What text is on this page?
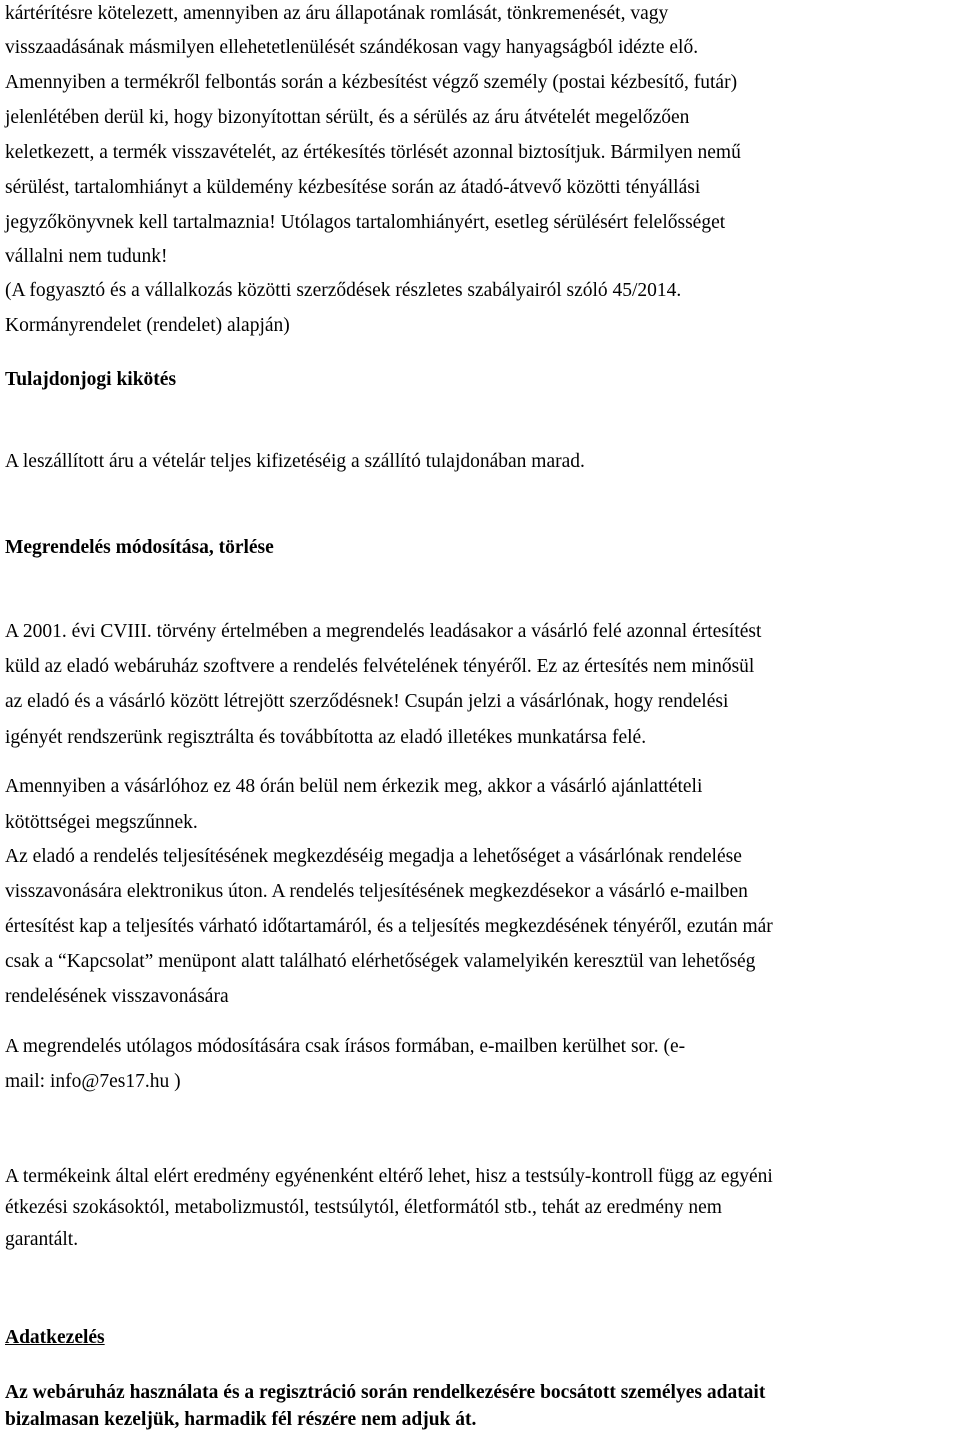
kártérítésre kötelezett, amennyiben az áru állapotának romlását, tönkremenését, vagy
visszaadásának másmilyen ellehetetlenülését szándékosan vagy hanyagságból idézte elő.
Amennyiben a termékről felbontás során a kézbesítést végző személy (postai kézbesítő, futár)
jelenlétében derül ki, hogy bizonyítottan sérült, és a sérülés az áru átvételét megelőzően
keletkezett, a termék visszavételét, az értékesítés törlését azonnal biztosítjuk. Bármilyen nemű
sérülést, tartalomhiányt a küldemény kézbesítése során az átadó-átvevő közötti tényállási
jegyzőkönyvnek kell tartalmaznia! Utólagos tartalomhiányért, esetleg sérülésért felelősséget
vállalni nem tudunk!
(A fogyasztó és a vállalkozás közötti szerződések részletes szabályairól szóló 45/2014.
Kormányrendelet (rendelet) alapján)
Tulajdonjogi kikötés
A leszállított áru a vételár teljes kifizetéséig a szállító tulajdonában marad.
Megrendelés módosítása, törlése
A 2001. évi CVIII. törvény értelmében a megrendelés leadásakor a vásárló felé azonnal értesítést
küld az eladó webáruház szoftvere a rendelés felvételének tényéről. Ez az értesítés nem minősül
az eladó és a vásárló között létrejött szerződésnek! Csupán jelzi a vásárlónak, hogy rendelési
igényét rendszerünk regisztrálta és továbbította az eladó illetékes munkatársa felé.
Amennyiben a vásárlóhoz ez 48 órán belül nem érkezik meg, akkor a vásárló ajánlattételi
kötöttségei megszűnnek.
Az eladó a rendelés teljesítésének megkezdéséig megadja a lehetőséget a vásárlónak rendelése
visszavonására elektronikus úton. A rendelés teljesítésének megkezdésekor a vásárló e-mailben
értesítést kap a teljesítés várható időtartamáról, és a teljesítés megkezdésének tényéről, ezután már
csak a “Kapcsolat” menüpont alatt található elérhetőségek valamelyikén keresztül van lehetőség
rendelésének visszavonására
A megrendelés utólagos módosítására csak írásos formában, e-mailben kerülhet sor. (e-
mail: info@7es17.hu )
A termékeink által elért eredmény egyénenként eltérő lehet, hisz a testsúly-kontroll függ az egyéni
étkezési szokásoktól, metabolizmustól, testsúlytól, életformától stb., tehát az eredmény nem
garantált.
Adatkezelés
Az webáruház használata és a regisztráció során rendelkezésére bocsátott személyes adatait
bizalmasan kezeljük, harmadik fél részére nem adjuk át.
